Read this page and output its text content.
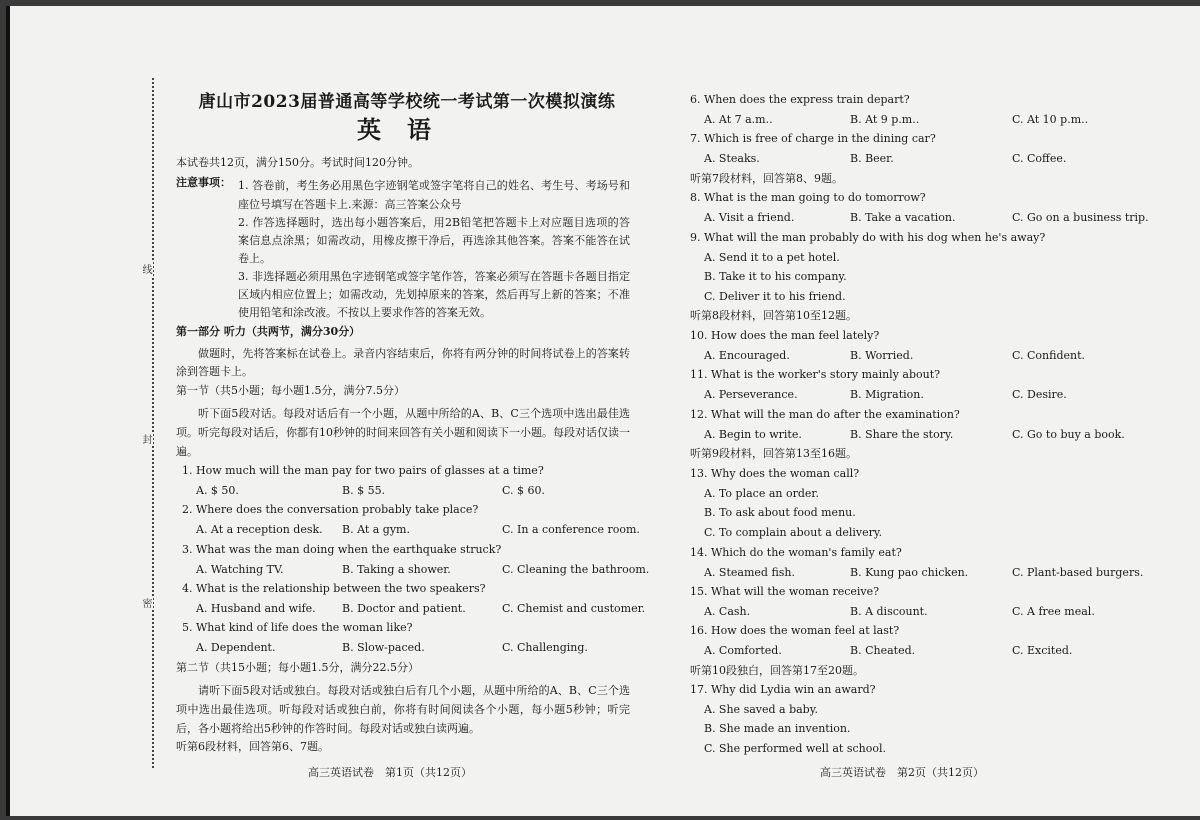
线
封
密
唐山市2023届普通高等学校统一考试第一次模拟演练
英语
本试卷共12页，满分150分。考试时间120分钟。
注意事项： 1. 答卷前，考生务必用黑色字迹钢笔或签字笔将自己的姓名、考生号、考场号和座位号填写在答题卡上.来源：高三答案公众号
2. 作答选择题时，选出每小题答案后，用2B铅笔把答题卡上对应题目选项的答案信息点涂黑；如需改动，用橡皮擦干净后，再选涂其他答案。答案不能答在试卷上。
3. 非选择题必须用黑色字迹钢笔或签字笔作答，答案必须写在答题卡各题目指定区域内相应位置上；如需改动，先划掉原来的答案，然后再写上新的答案；不准使用铅笔和涂改液。不按以上要求作答的答案无效。
第一部分 听力（共两节，满分30分）
做题时，先将答案标在试卷上。录音内容结束后，你将有两分钟的时间将试卷上的答案转涂到答题卡上。
第一节（共5小题；每小题1.5分，满分7.5分）
听下面5段对话。每段对话后有一个小题，从题中所给的A、B、C三个选项中选出最佳选项。听完每段对话后，你都有10秒钟的时间来回答有关小题和阅读下一小题。每段对话仅读一遍。
1. How much will the man pay for two pairs of glasses at a time?
A. $ 50.	B. $ 55.	C. $ 60.
2. Where does the conversation probably take place?
A. At a reception desk. B. At a gym.	C. In a conference room.
3. What was the man doing when the earthquake struck?
A. Watching TV.	B. Taking a shower.	C. Cleaning the bathroom.
4. What is the relationship between the two speakers?
A. Husband and wife. B. Doctor and patient.	C. Chemist and customer.
5. What kind of life does the woman like?
A. Dependent.	B. Slow-paced.	C. Challenging.
第二节（共15小题；每小题1.5分，满分22.5分）
请听下面5段对话或独白。每段对话或独白后有几个小题，从题中所给的A、B、C三个选项中选出最佳选项。听每段对话或独白前，你将有时间阅读各个小题，每小题5秒钟；听完后，各小题将给出5秒钟的作答时间。每段对话或独白读两遍。
听第6段材料，回答第6、7题。
高三英语试卷　第1页（共12页）
6. When does the express train depart?
A. At 7 a.m..	B. At 9 p.m..	C. At 10 p.m..
7. Which is free of charge in the dining car?
A. Steaks.	B. Beer.	C. Coffee.
听第7段材料，回答第8、9题。
8. What is the man going to do tomorrow?
A. Visit a friend.	B. Take a vacation.	C. Go on a business trip.
9. What will the man probably do with his dog when he's away?
A. Send it to a pet hotel.
B. Take it to his company.
C. Deliver it to his friend.
听第8段材料，回答第10至12题。
10. How does the man feel lately?
A. Encouraged.	B. Worried.	C. Confident.
11. What is the worker's story mainly about?
A. Perseverance.	B. Migration.	C. Desire.
12. What will the man do after the examination?
A. Begin to write.	B. Share the story.	C. Go to buy a book.
听第9段材料，回答第13至16题。
13. Why does the woman call?
A. To place an order.
B. To ask about food menu.
C. To complain about a delivery.
14. Which do the woman's family eat?
A. Steamed fish.	B. Kung pao chicken.	C. Plant-based burgers.
15. What will the woman receive?
A. Cash.	B. A discount.	C. A free meal.
16. How does the woman feel at last?
A. Comforted.	B. Cheated.	C. Excited.
听第10段独白，回答第17至20题。
17. Why did Lydia win an award?
A. She saved a baby.
B. She made an invention.
C. She performed well at school.
高三英语试卷　第2页（共12页）
